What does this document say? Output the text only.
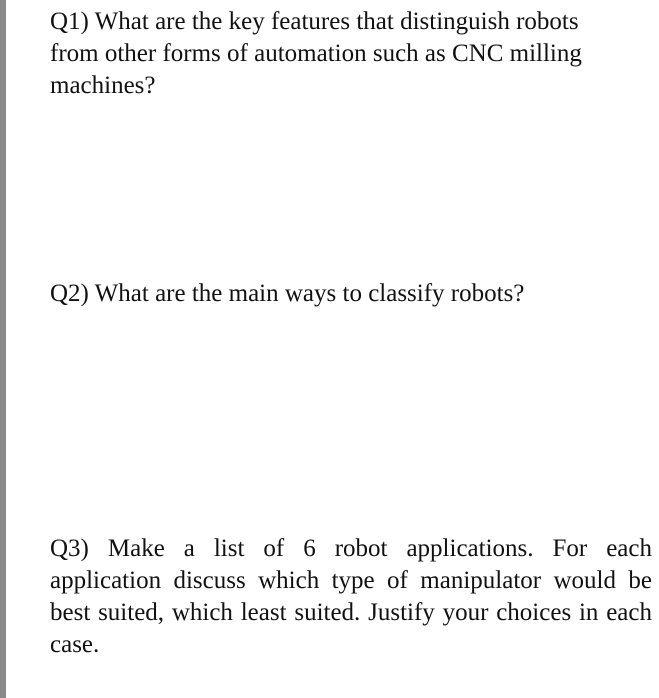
Q1) What are the key features that distinguish robots
from other forms of automation such as CNC milling
machines?

Q2) What are the main ways to classify robots?

Q3) Make a list of 6 robot applications. For each application discuss which type of manipulator would be best suited, which least suited. Justify your choices in each case.
